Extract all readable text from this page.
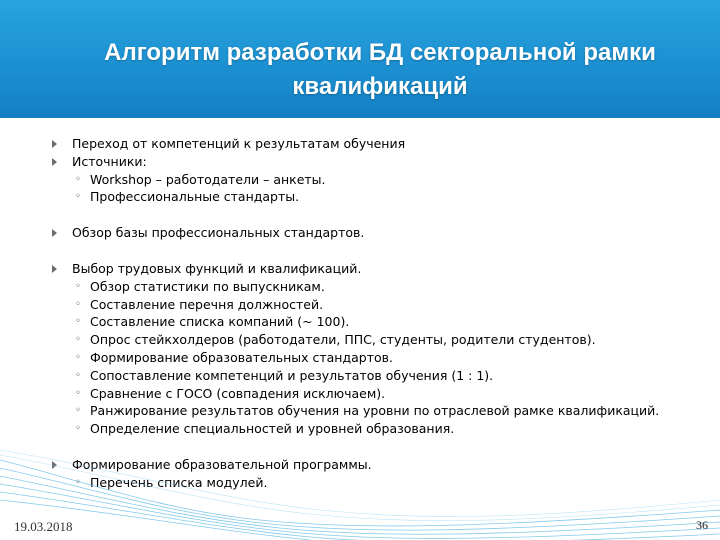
Алгоритм разработки БД секторальной рамки
квалификаций
Переход от компетенций к результатам обучения
Источники:
◦ Workshop – работодатели – анкеты.
◦ Профессиональные стандарты.
Обзор базы профессиональных стандартов.
Выбор трудовых функций и квалификаций.
◦ Обзор статистики по выпускникам.
◦ Составление перечня должностей.
◦ Составление списка компаний (~ 100).
◦ Опрос стейкхолдеров (работодатели, ППС, студенты, родители студентов).
◦ Формирование образовательных стандартов.
◦ Сопоставление компетенций и результатов обучения (1 : 1).
◦ Сравнение с ГОСО (совпадения исключаем).
◦ Ранжирование результатов обучения на уровни по отраслевой рамке квалификаций.
◦ Определение специальностей и уровней образования.
Формирование образовательной программы.
◦ Перечень списка модулей.
19.03.2018	36
